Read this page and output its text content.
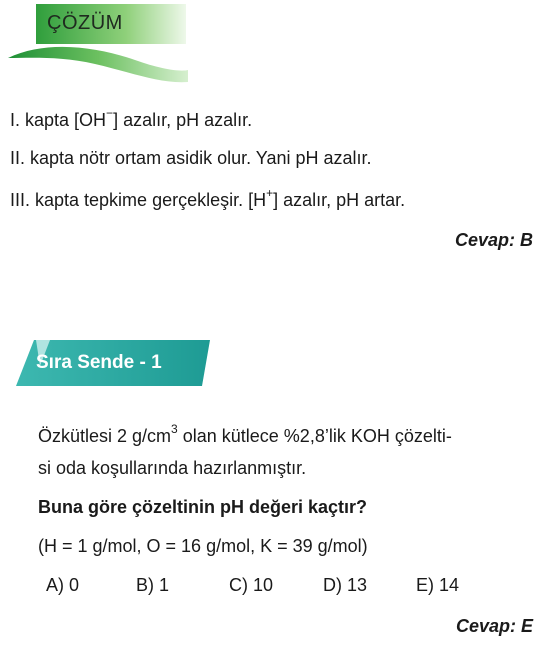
ÇÖZÜM
I. kapta [OH−] azalır, pH azalır.
II. kapta nötr ortam asidik olur. Yani pH azalır.
III. kapta tepkime gerçekleşir. [H+] azalır, pH artar.
Cevap: B
Sıra Sende - 1
Özkütlesi 2 $g/cm^3$ olan kütlece %2,8’lik KOH çözelti-
si oda koşullarında hazırlanmıştır.
Buna göre çözeltinin pH değeri kaçtır?
(H = 1 g/mol, O = 16 g/mol, K = 39 g/mol)
A) 0	B) 1	C) 10	D) 13	E) 14
Cevap: E
